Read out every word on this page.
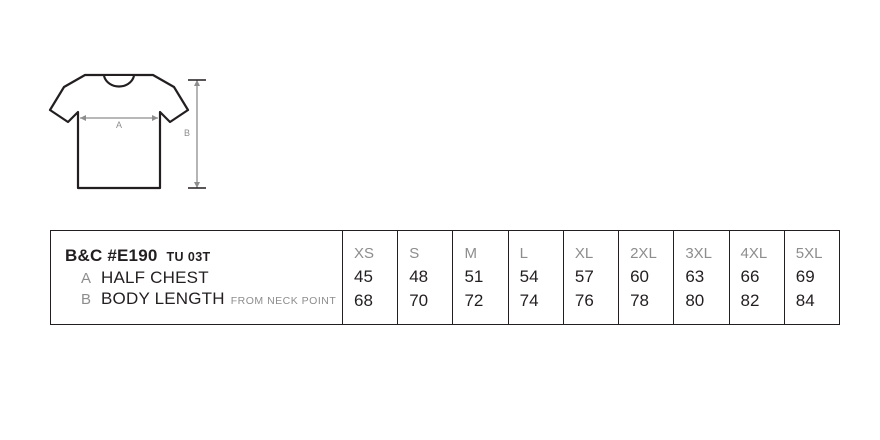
A
B
B&C #E190 TU 03T
A HALF CHEST
B BODY LENGTH FROM NECK POINT
XS
45
68
S
48
70
M
51
72
L
54
74
XL
57
76
2XL
60
78
3XL
63
80
4XL
66
82
5XL
69
84
